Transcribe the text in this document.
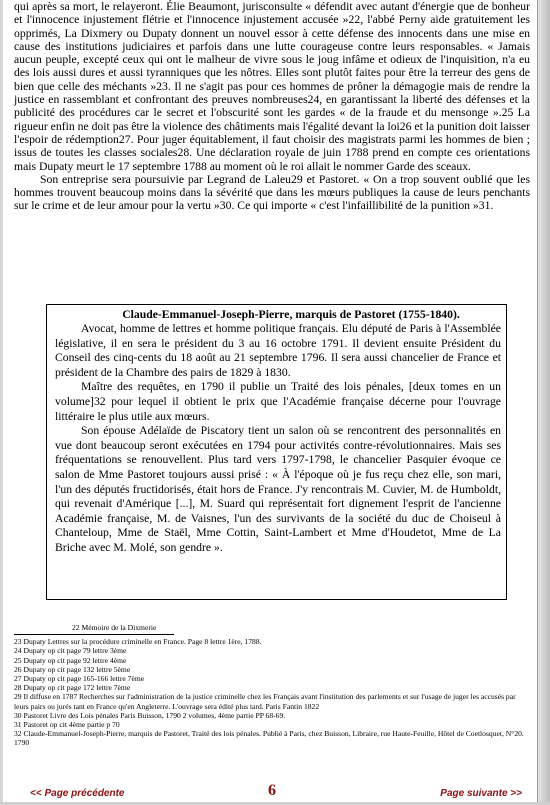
qui après sa mort, le relayeront. Élie Beaumont, jurisconsulte « défendit avec autant d'énergie que de bonheur et l'innocence injustement flétrie et l'innocence injustement accusée »22, l'abbé Perny aide gratuitement les opprimés, La Dixmery ou Dupaty donnent un nouvel essor à cette défense des innocents dans une mise en cause des institutions judiciaires et parfois dans une lutte courageuse contre leurs responsables. « Jamais aucun peuple, excepté ceux qui ont le malheur de vivre sous le joug infâme et odieux de l'inquisition, n'a eu des lois aussi dures et aussi tyranniques que les nôtres. Elles sont plutôt faites pour être la terreur des gens de bien que celle des méchants »23. Il ne s'agit pas pour ces hommes de prôner la démagogie mais de rendre la justice en rassemblant et confrontant des preuves nombreuses24, en garantissant la liberté des défenses et la publicité des procédures car le secret et l'obscurité sont les gardes « de la fraude et du mensonge ».25 La rigueur enfin ne doit pas être la violence des châtiments mais l'égalité devant la loi26 et la punition doit laisser l'espoir de rédemption27. Pour juger équitablement, il faut choisir des magistrats parmi les hommes de bien ; issus de toutes les classes sociales28. Une déclaration royale de juin 1788 prend en compte ces orientations mais Dupaty meurt le 17 septembre 1788 au moment où le roi allait le nommer Garde des sceaux.

Son entreprise sera poursuivie par Legrand de Laleu29 et Pastoret. « On a trop souvent oublié que les hommes trouvent beaucoup moins dans la sévérité que dans les mœurs publiques la cause de leurs penchants sur le crime et de leur amour pour la vertu »30. Ce qui importe « c'est l'infaillibilité de la punition »31.

Claude-Emmanuel-Joseph-Pierre, marquis de Pastoret (1755-1840).

Avocat, homme de lettres et homme politique français. Elu député de Paris à l'Assemblée législative, il en sera le président du 3 au 16 octobre 1791. Il devient ensuite Président du Conseil des cinq-cents du 18 août au 21 septembre 1796. Il sera aussi chancelier de France et président de la Chambre des pairs de 1829 à 1830.

Maître des requêtes, en 1790 il publie un Traité des lois pénales, [deux tomes en un volume]32 pour lequel il obtient le prix que l'Académie française décerne pour l'ouvrage littéraire le plus utile aux mœurs.

Son épouse Adélaïde de Piscatory tient un salon où se rencontrent des personnalités en vue dont beaucoup seront exécutées en 1794 pour activités contre-révolutionnaires. Mais ses fréquentations se renouvellent. Plus tard vers 1797-1798, le chancelier Pasquier évoque ce salon de Mme Pastoret toujours aussi prisé : « À l'époque où je fus reçu chez elle, son mari, l'un des députés fructidorisés, était hors de France. J'y rencontrais M. Cuvier, M. de Humboldt, qui revenait d'Amérique [...], M. Suard qui représentait fort dignement l'esprit de l'ancienne Académie française, M. de Vaisnes, l'un des survivants de la société du duc de Choiseul à Chanteloup, Mme de Staël, Mme Cottin, Saint-Lambert et Mme d'Houdetot, Mme de La Briche avec M. Molé, son gendre ».

22 Mémoire de la Dixmerie

23 Dupaty Lettres sur la procédure criminelle en France. Page 8 lettre 1ère, 1788.

24 Dupaty op cit page 79 lettre 3ème

25 Dupaty op cit page 92 lettre 4ème

26 Dupaty op cit page 132 lettre 5ème

27 Dupaty op cit page 165-166 lettre 7ème

28 Dupaty op cit page 172 lettre 7ème

29 Il diffuse en 1787 Recherches sur l'administration de la justice criminelle chez les Français avant l'institution des parlements et sur l'usage de juger les accusés par leurs pairs ou jurés tant en France qu'en Angleterre. L'ouvrage sera édité plus tard. Paris Fantin 1822

30 Pastoret Livre des Lois pénales Paris Buisson, 1790 2 volumes, 4ème partie PP 68-69.

31 Pastoret op cit 4ème partie p 70

32 Claude-Emmanuel-Joseph-Pierre, marquis de Pastoret, Traité des lois pénales. Publié à Paris, chez Buisson, Libraire, rue Haute-Feuille, Hôtel de Coetlosquet, N°20. 1790

<< Page précédente	6	Page suivante >>
